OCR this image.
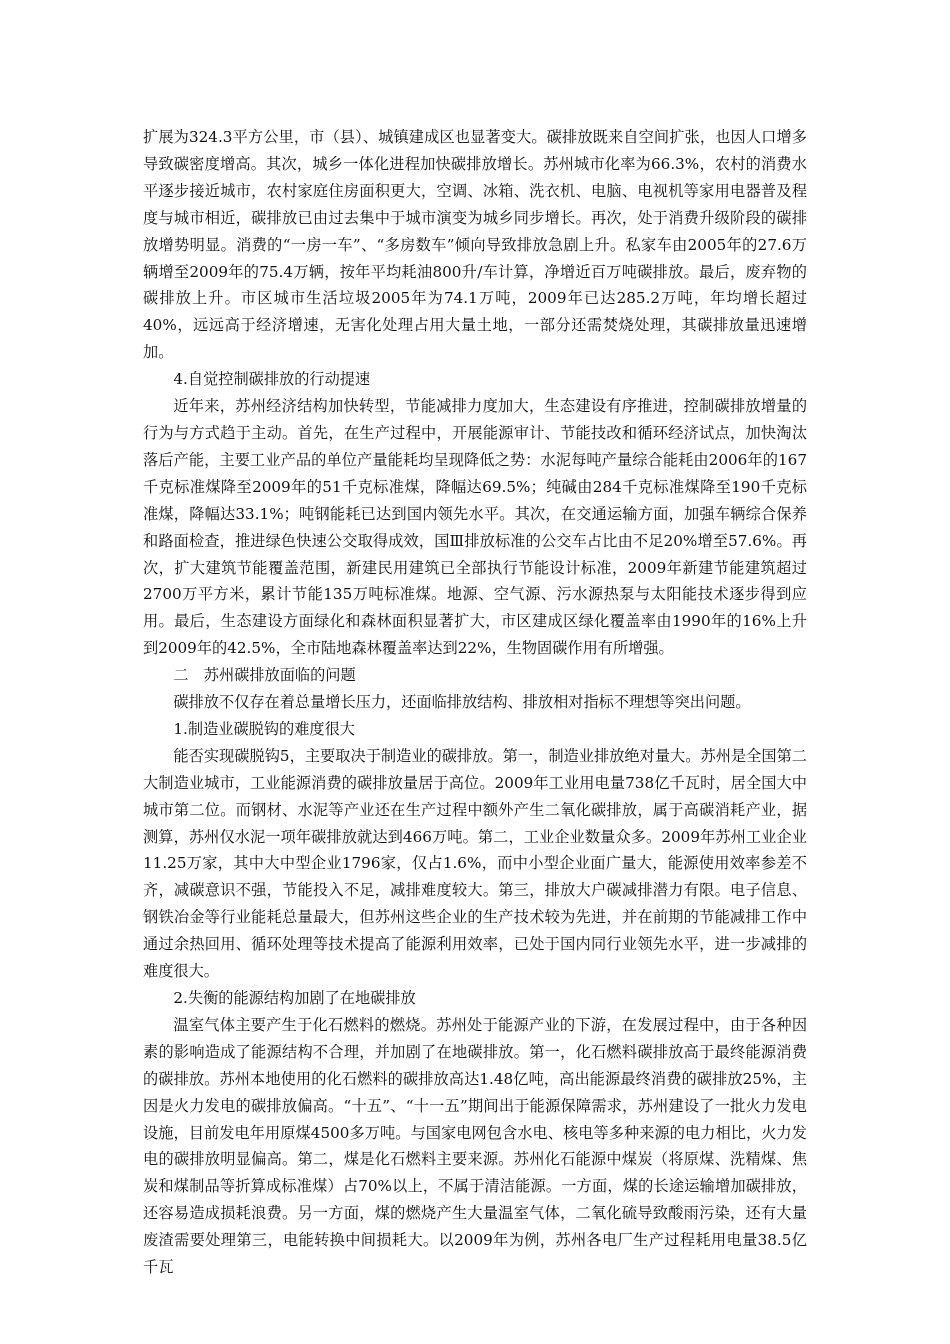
扩展为324.3平方公里，市（县）、城镇建成区也显著变大。碳排放既来自空间扩张，也因人口增多导致碳密度增高。其次，城乡一体化进程加快碳排放增长。苏州城市化率为66.3%，农村的消费水平逐步接近城市，农村家庭住房面积更大，空调、冰箱、洗衣机、电脑、电视机等家用电器普及程度与城市相近，碳排放已由过去集中于城市演变为城乡同步增长。再次，处于消费升级阶段的碳排放增势明显。消费的“一房一车”、“多房数车”倾向导致排放急剧上升。私家车由2005年的27.6万辆增至2009年的75.4万辆，按年平均耗油800升/车计算，净增近百万吨碳排放。最后，废弃物的碳排放上升。市区城市生活垃圾2005年为74.1万吨，2009年已达285.2万吨，年均增长超过40%，远远高于经济增速，无害化处理占用大量土地，一部分还需焚烧处理，其碳排放量迅速增加。

4.自觉控制碳排放的行动提速

近年来，苏州经济结构加快转型，节能减排力度加大，生态建设有序推进，控制碳排放增量的行为与方式趋于主动。首先，在生产过程中，开展能源审计、节能技改和循环经济试点，加快淘汰落后产能，主要工业产品的单位产量能耗均呈现降低之势：水泥每吨产量综合能耗由2006年的167千克标准煤降至2009年的51千克标准煤，降幅达69.5%；纯碱由284千克标准煤降至190千克标准煤，降幅达33.1%；吨钢能耗已达到国内领先水平。其次，在交通运输方面，加强车辆综合保养和路面检查，推进绿色快速公交取得成效，国Ⅲ排放标准的公交车占比由不足20%增至57.6%。再次，扩大建筑节能覆盖范围，新建民用建筑已全部执行节能设计标准，2009年新建节能建筑超过2700万平方米，累计节能135万吨标准煤。地源、空气源、污水源热泵与太阳能技术逐步得到应用。最后，生态建设方面绿化和森林面积显著扩大，市区建成区绿化覆盖率由1990年的16%上升到2009年的42.5%，全市陆地森林覆盖率达到22%，生物固碳作用有所增强。

二　苏州碳排放面临的问题

碳排放不仅存在着总量增长压力，还面临排放结构、排放相对指标不理想等突出问题。

1.制造业碳脱钩的难度很大

能否实现碳脱钩5，主要取决于制造业的碳排放。第一，制造业排放绝对量大。苏州是全国第二大制造业城市，工业能源消费的碳排放量居于高位。2009年工业用电量738亿千瓦时，居全国大中城市第二位。而钢材、水泥等产业还在生产过程中额外产生二氧化碳排放，属于高碳消耗产业，据测算，苏州仅水泥一项年碳排放就达到466万吨。第二，工业企业数量众多。2009年苏州工业企业11.25万家，其中大中型企业1796家，仅占1.6%，而中小型企业面广量大，能源使用效率参差不齐，减碳意识不强，节能投入不足，减排难度较大。第三，排放大户碳减排潜力有限。电子信息、钢铁冶金等行业能耗总量最大，但苏州这些企业的生产技术较为先进，并在前期的节能减排工作中通过余热回用、循环处理等技术提高了能源利用效率，已处于国内同行业领先水平，进一步减排的难度很大。

2.失衡的能源结构加剧了在地碳排放

温室气体主要产生于化石燃料的燃烧。苏州处于能源产业的下游，在发展过程中，由于各种因素的影响造成了能源结构不合理，并加剧了在地碳排放。第一，化石燃料碳排放高于最终能源消费的碳排放。苏州本地使用的化石燃料的碳排放高达1.48亿吨，高出能源最终消费的碳排放25%，主因是火力发电的碳排放偏高。“十五”、“十一五”期间出于能源保障需求，苏州建设了一批火力发电设施，目前发电年用原煤4500多万吨。与国家电网包含水电、核电等多种来源的电力相比，火力发电的碳排放明显偏高。第二，煤是化石燃料主要来源。苏州化石能源中煤炭（将原煤、洗精煤、焦炭和煤制品等折算成标准煤）占70%以上，不属于清洁能源。一方面，煤的长途运输增加碳排放，还容易造成损耗浪费。另一方面，煤的燃烧产生大量温室气体，二氧化硫导致酸雨污染，还有大量废渣需要处理第三，电能转换中间损耗大。以2009年为例，苏州各电厂生产过程耗用电量38.5亿千瓦
